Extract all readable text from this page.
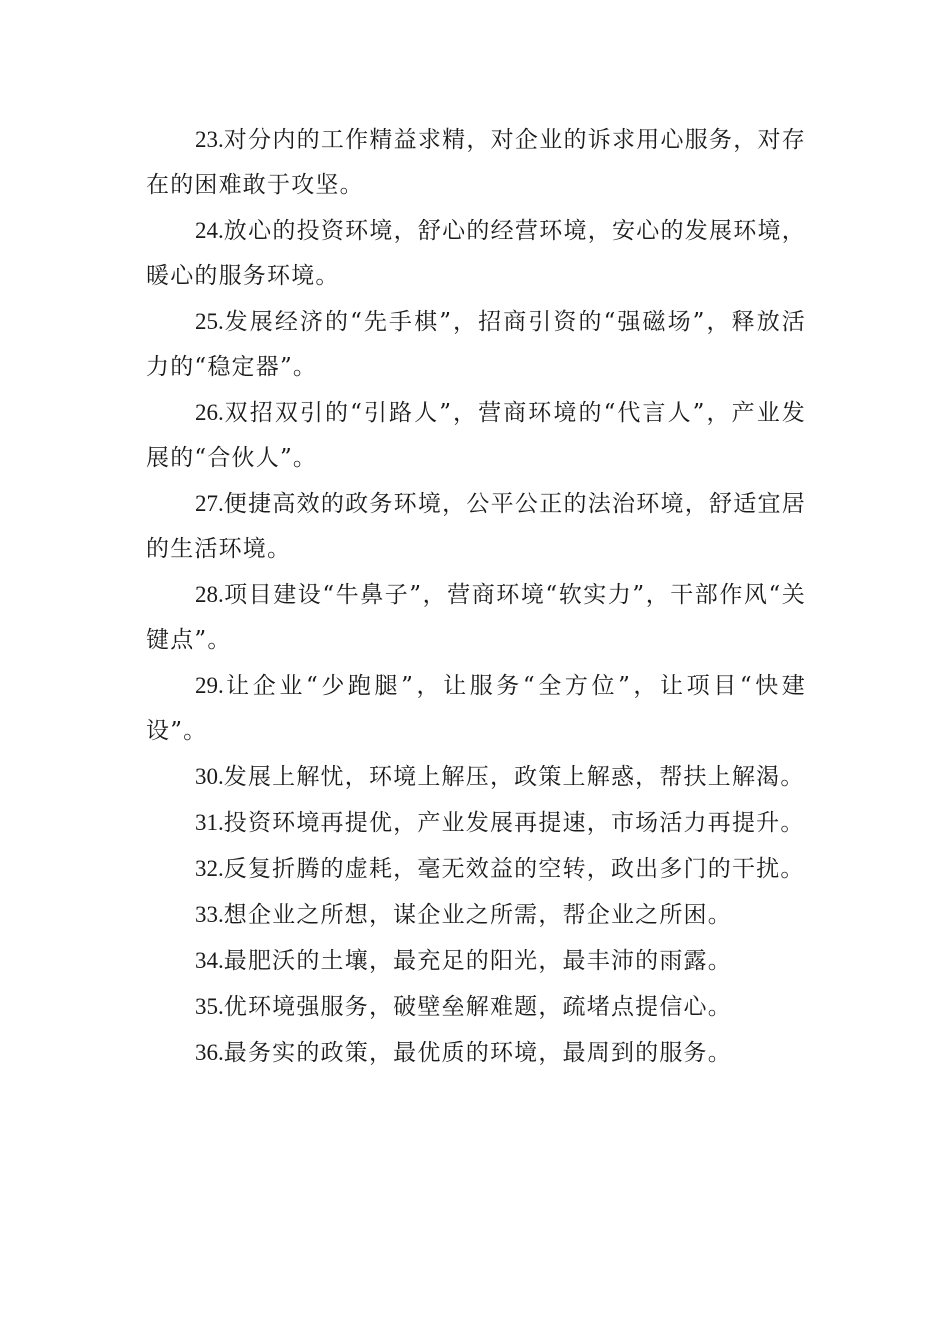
23.对分内的工作精益求精，对企业的诉求用心服务，对存在的困难敢于攻坚。

24.放心的投资环境，舒心的经营环境，安心的发展环境，暖心的服务环境。

25.发展经济的“先手棋”，招商引资的“强磁场”，释放活力的“稳定器”。

26.双招双引的“引路人”，营商环境的“代言人”，产业发展的“合伙人”。

27.便捷高效的政务环境，公平公正的法治环境，舒适宜居的生活环境。

28.项目建设“牛鼻子”，营商环境“软实力”，干部作风“关键点”。

29.让企业“少跑腿”，让服务“全方位”，让项目“快建设”。

30.发展上解忧，环境上解压，政策上解惑，帮扶上解渴。

31.投资环境再提优，产业发展再提速，市场活力再提升。

32.反复折腾的虚耗，毫无效益的空转，政出多门的干扰。

33.想企业之所想，谋企业之所需，帮企业之所困。

34.最肥沃的土壤，最充足的阳光，最丰沛的雨露。

35.优环境强服务，破壁垒解难题，疏堵点提信心。

36.最务实的政策，最优质的环境，最周到的服务。
